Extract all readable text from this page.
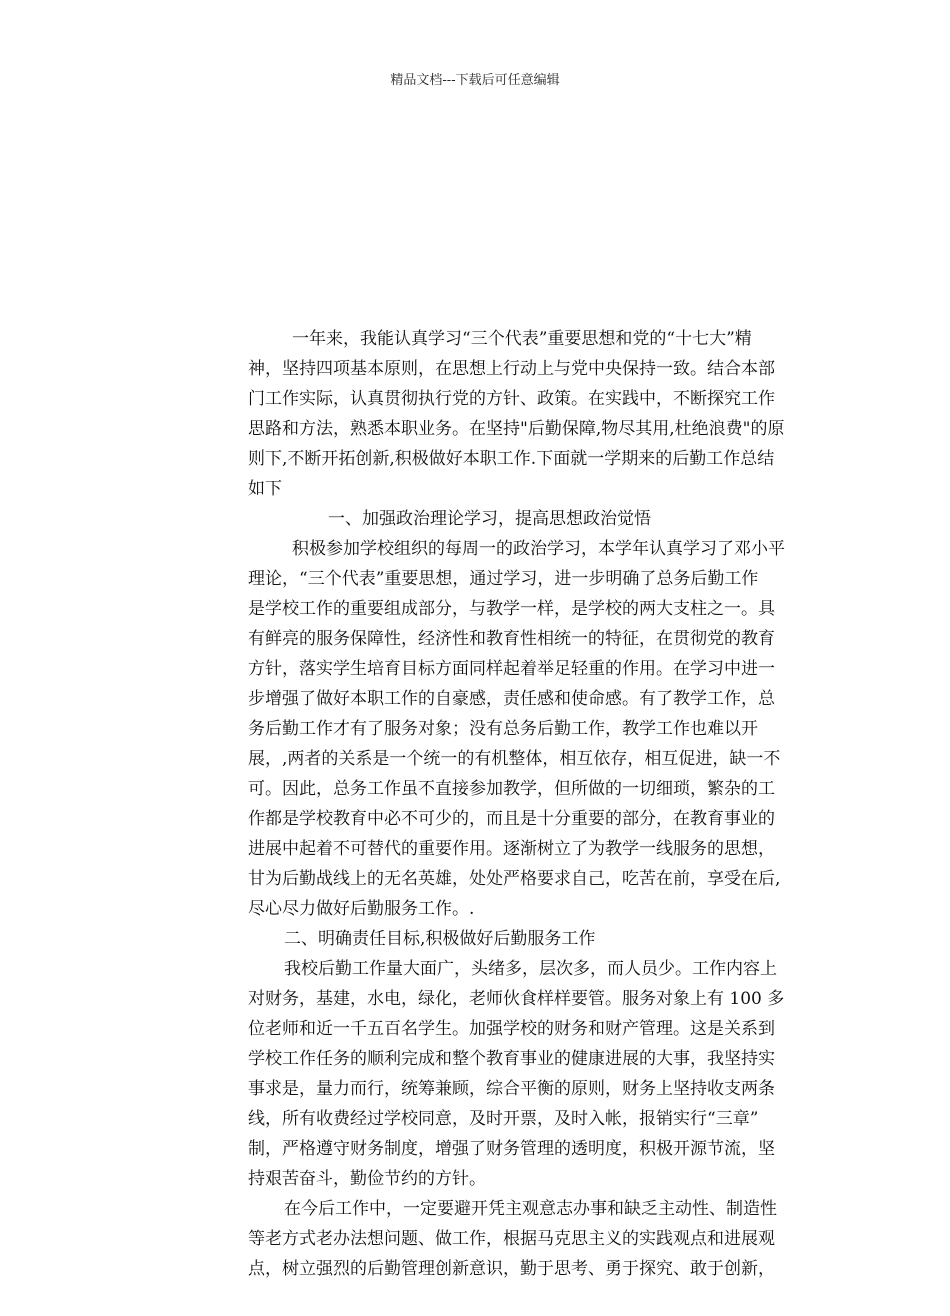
精品文档---下载后可任意编辑
一年来，我能认真学习“三个代表”重要思想和党的“十七大”精
神，坚持四项基本原则，在思想上行动上与党中央保持一致。结合本部
门工作实际，认真贯彻执行党的方针、政策。在实践中，不断探究工作
思路和方法，熟悉本职业务。在坚持"后勤保障,物尽其用,杜绝浪费"的原
则下,不断开拓创新,积极做好本职工作.下面就一学期来的后勤工作总结
如下
一、加强政治理论学习，提高思想政治觉悟
积极参加学校组织的每周一的政治学习，本学年认真学习了邓小平
理论，“三个代表”重要思想，通过学习，进一步明确了总务后勤工作
是学校工作的重要组成部分，与教学一样，是学校的两大支柱之一。具
有鲜亮的服务保障性，经济性和教育性相统一的特征，在贯彻党的教育
方针，落实学生培育目标方面同样起着举足轻重的作用。在学习中进一
步增强了做好本职工作的自豪感，责任感和使命感。有了教学工作，总
务后勤工作才有了服务对象；没有总务后勤工作，教学工作也难以开
展，,两者的关系是一个统一的有机整体，相互依存，相互促进，缺一不
可。因此，总务工作虽不直接参加教学，但所做的一切细琐，繁杂的工
作都是学校教育中必不可少的，而且是十分重要的部分，在教育事业的
进展中起着不可替代的重要作用。逐渐树立了为教学一线服务的思想，
甘为后勤战线上的无名英雄，处处严格要求自己，吃苦在前，享受在后,
尽心尽力做好后勤服务工作。.
二、明确责任目标,积极做好后勤服务工作
我校后勤工作量大面广，头绪多，层次多，而人员少。工作内容上
对财务，基建，水电，绿化，老师伙食样样要管。服务对象上有 100 多
位老师和近一千五百名学生。加强学校的财务和财产管理。这是关系到
学校工作任务的顺利完成和整个教育事业的健康进展的大事，我坚持实
事求是，量力而行，统筹兼顾，综合平衡的原则，财务上坚持收支两条
线，所有收费经过学校同意，及时开票，及时入帐，报销实行“三章”
制，严格遵守财务制度，增强了财务管理的透明度，积极开源节流，坚
持艰苦奋斗，勤俭节约的方针。
在今后工作中，一定要避开凭主观意志办事和缺乏主动性、制造性
等老方式老办法想问题、做工作，根据马克思主义的实践观点和进展观
点，树立强烈的后勤管理创新意识，勤于思考、勇于探究、敢于创新，
